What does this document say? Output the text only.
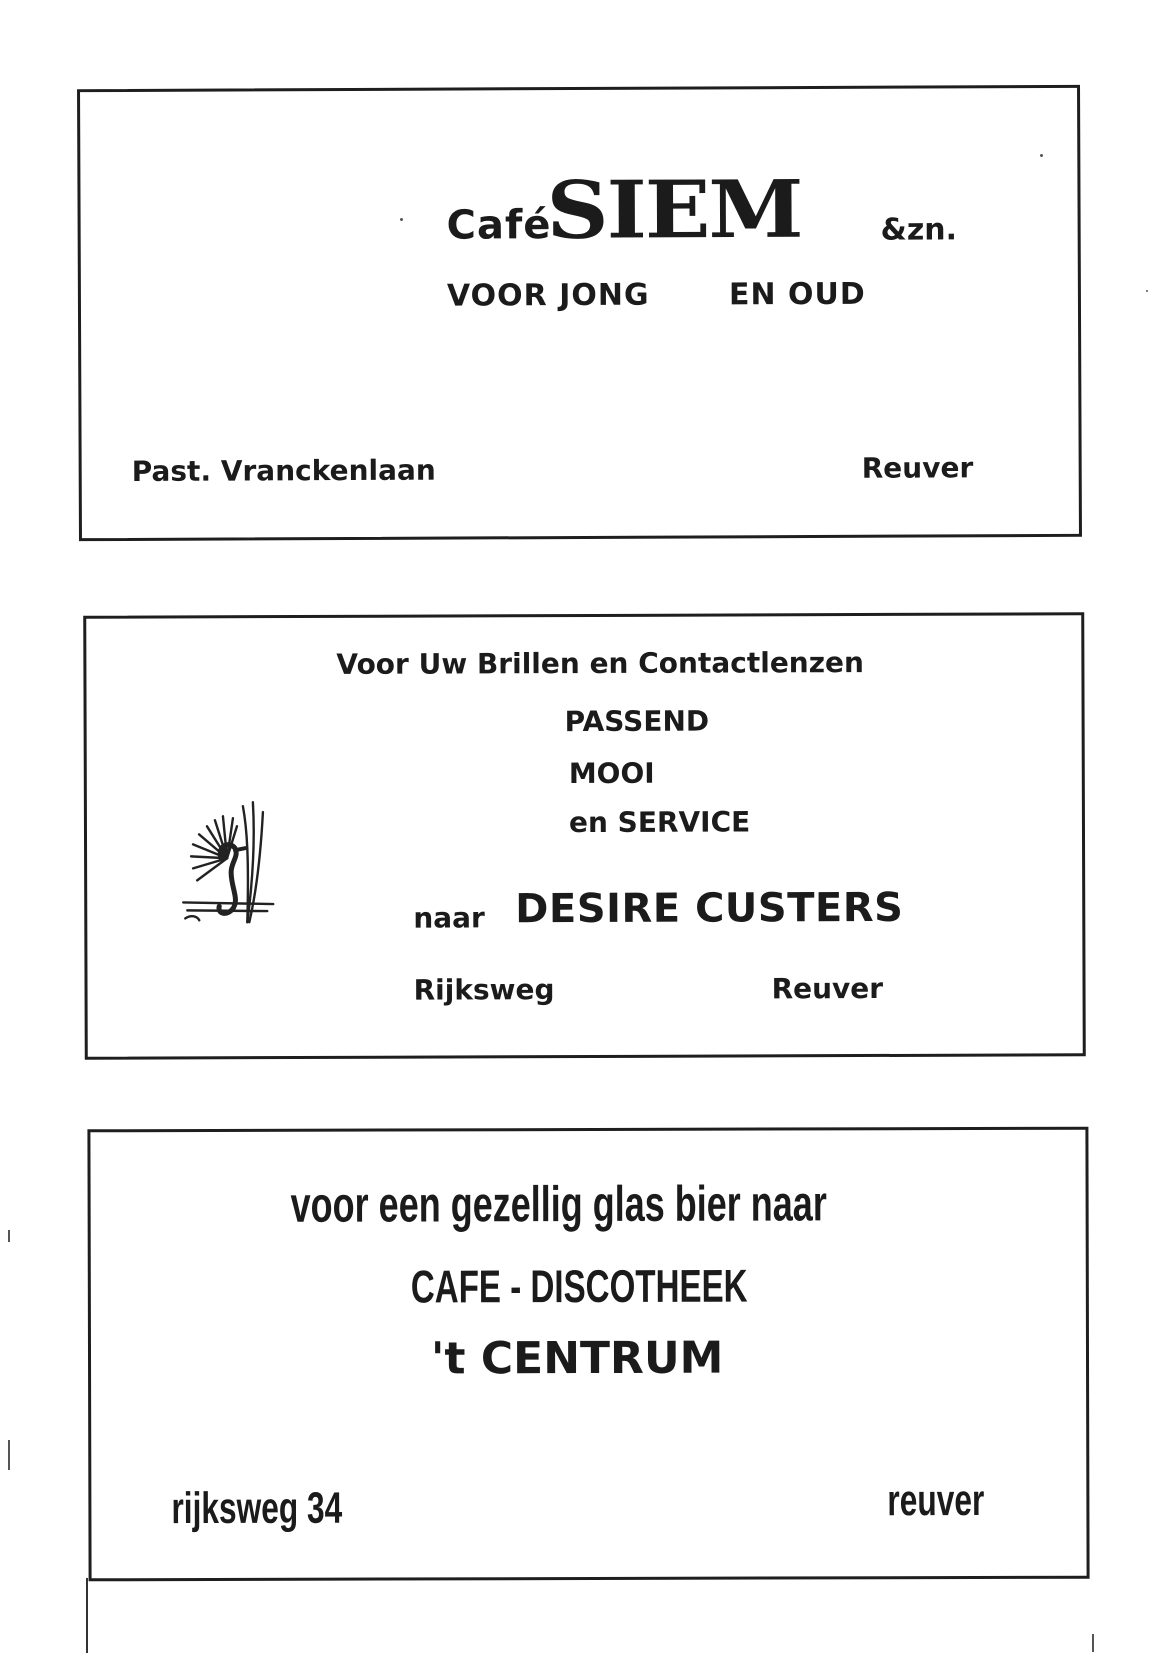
Café
SIEM	&zn.
VOOR JONG	EN OUD
Past. Vranckenlaan	Reuver
Voor Uw Brillen en Contactlenzen
PASSEND
MOOI
en SERVICE
naar DESIRE CUSTERS
Rijksweg	Reuver
voor een gezellig glas bier naar
CAFE - DISCOTHEEK
't CENTRUM
rijksweg 34	reuver
